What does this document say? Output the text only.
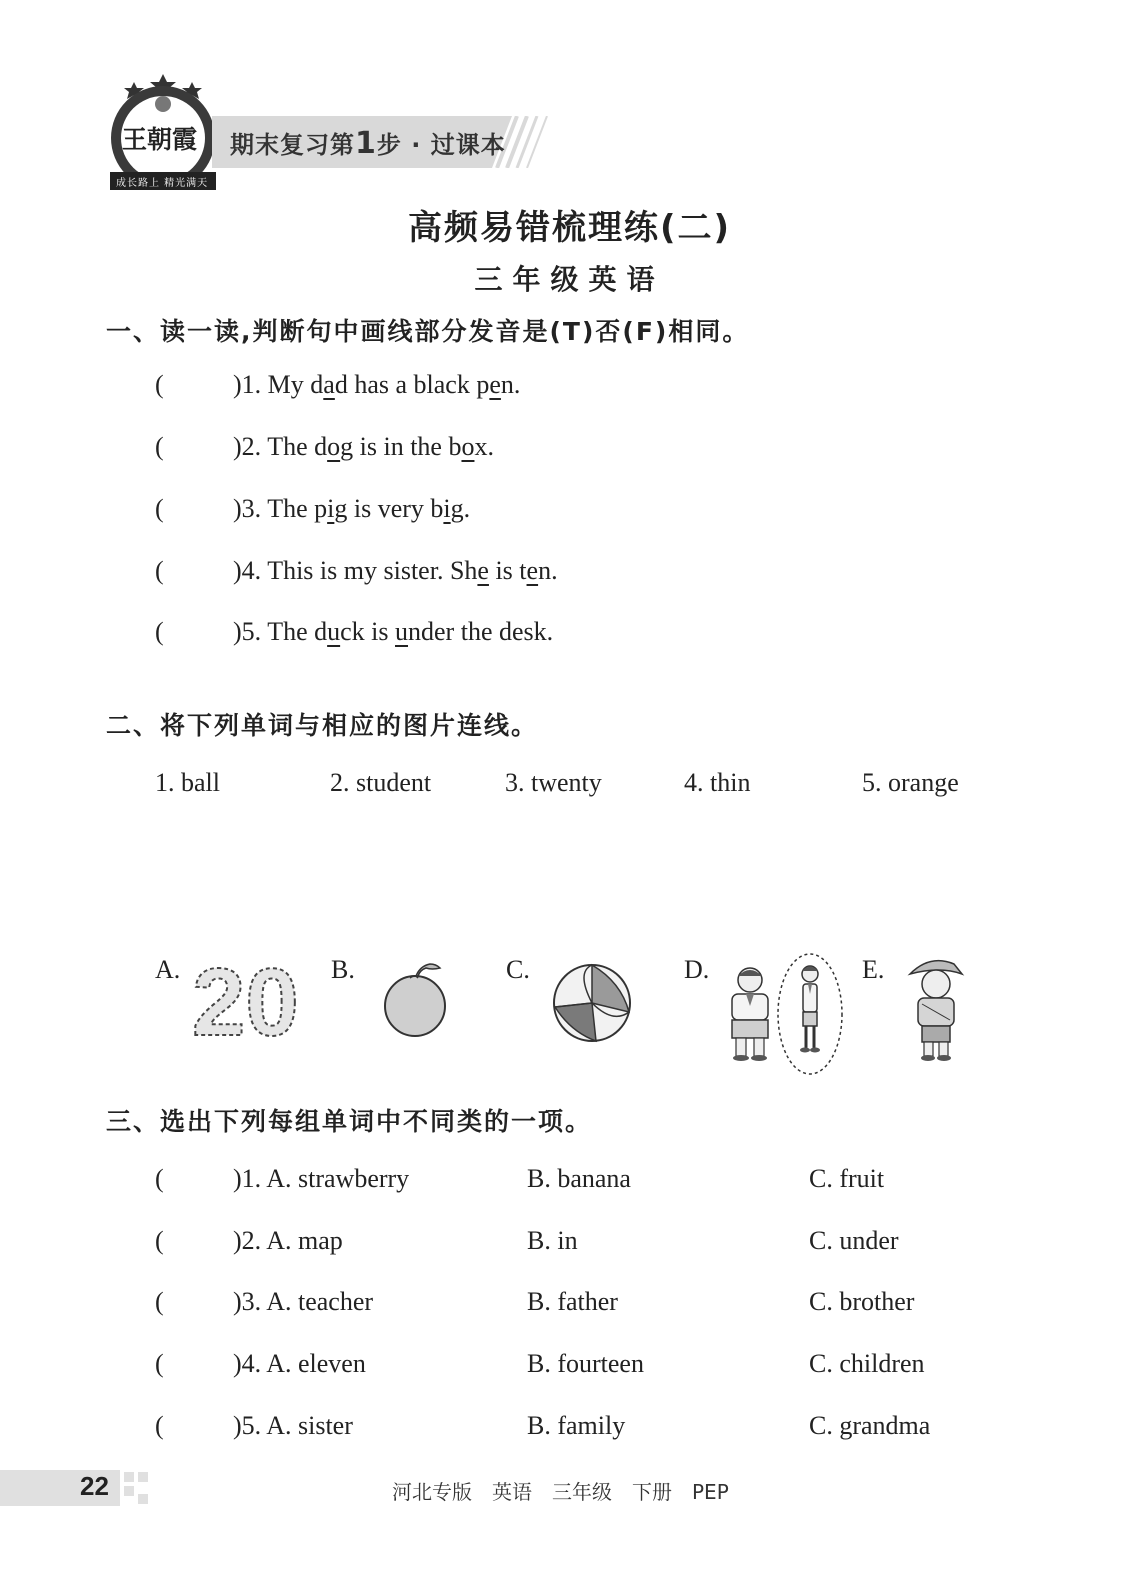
王朝霞
成长路上 精光满天
期末复习第1步 · 过课本
高频易错梳理练(二)
三年级英语
一、读一读,判断句中画线部分发音是(T)否(F)相同。
(	)1. My dad has a black pen.
(	)2. The dog is in the box.
(	)3. The pig is very big.
(	)4. This is my sister. She is ten.
(	)5. The duck is under the desk.
二、将下列单词与相应的图片连线。
1. ball	2. student	3. twenty	4. thin	5. orange
A.	B.	C.	D.	E.
20
三、选出下列每组单词中不同类的一项。
(	)1. A. strawberry	B. banana	C. fruit
(	)2. A. map	B. in	C. under
(	)3. A. teacher	B. father	C. brother
(	)4. A. eleven	B. fourteen	C. children
(	)5. A. sister	B. family	C. grandma
22	河北专版　英语　三年级　下册　PEP
